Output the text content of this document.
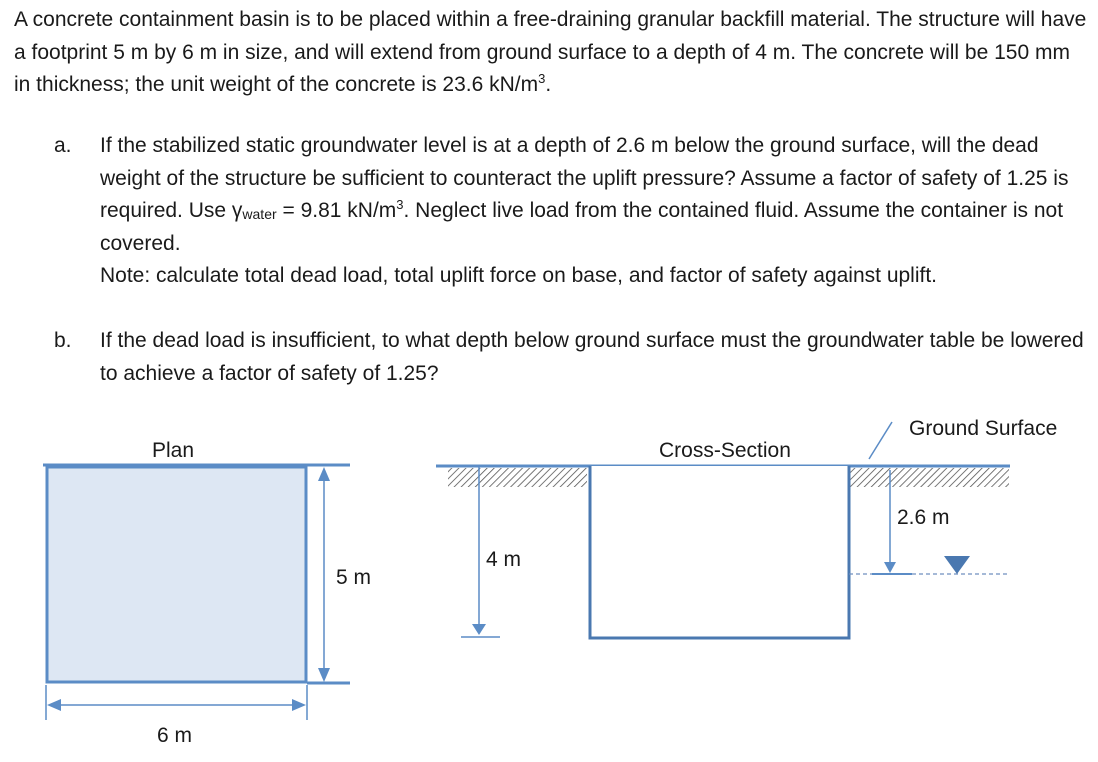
A concrete containment basin is to be placed within a free-draining granular backfill material. The structure will have a footprint 5 m by 6 m in size, and will extend from ground surface to a depth of 4 m. The concrete will be 150 mm in thickness; the unit weight of the concrete is 23.6 $kN/m^3$.

a.	If the stabilized static groundwater level is at a depth of 2.6 m below the ground surface, will the dead weight of the structure be sufficient to counteract the uplift pressure? Assume a factor of safety of 1.25 is required. Use $\gamma_{water} = 9.81$ $kN/m^3$. Neglect live load from the contained fluid. Assume the container is not covered.

Note: calculate total dead load, total uplift force on base, and factor of safety against uplift.

b.	If the dead load is insufficient, to what depth below ground surface must the groundwater table be lowered to achieve a factor of safety of 1.25?

Plan
5 m
6 m
Cross-Section
4 m
Ground Surface
2.6 m
